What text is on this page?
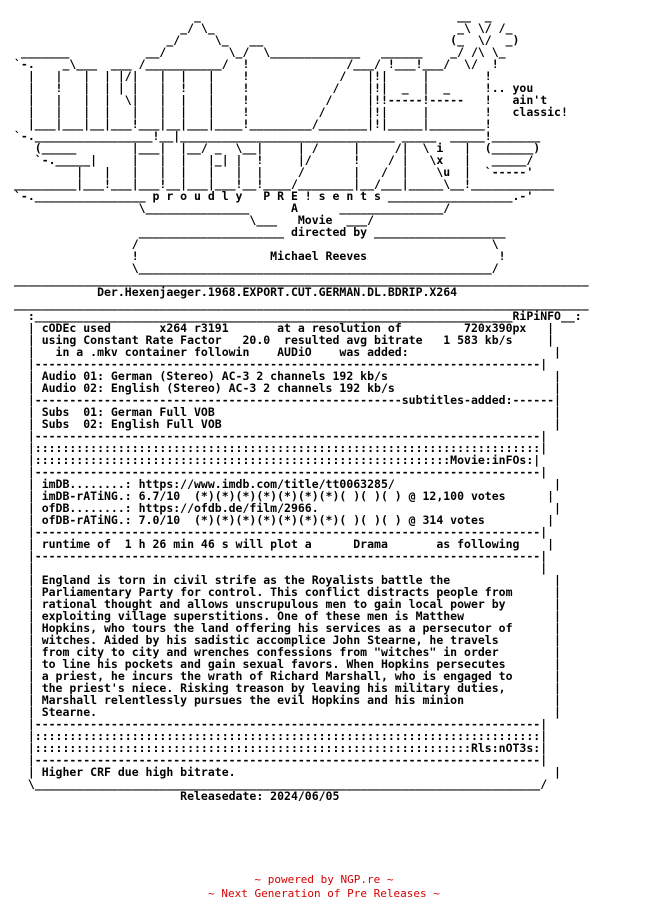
_                                     __  _
_/ \_                                   _\ \/ /_
_/     \_   __                           (_  \/  _)
_______           __/         \_/  \_____________   ______    _/ /\ \_
`-.    _\___  ___ /___________/  !              /___/ !___!___/  \/  !
|   |   |  | |/|   |  |   |    !             /   |!|     |        !
|   !   |  | | |   |  !   |    !            /    |!|  _  |  _     !.. you
|   |   |  |  \|   |  |   |    !           /     |!!-----!-----   !   ain't
|   |   |  |   |   |  |   |    !          /      |!|     |        !   classic!
|___|___|__|___!___|__|___|____!_________/_______|!|_____|________!
`-._________________!__|_______________________________ _____  _____!_______
(_____        |___|  |__/ _  \__|     | /     |     /|  \ i   |  (______)
`-._____|     |   |  |   |_| |  !     |/      !    / |   \x   |   _____/
|   |   |   |  |   |   |  |     /       |   /  |    \u  |  `-----'
_________|___!___|___!__|___|___!__!____/________|__/___|_____\__!____________
`-.________________ p r o u d l y   P R E ! s e n t s __________________.-'
\_______________      A      _______________/
\___   Movie  ___/
_____________________ directed by ___________________
/                                                   \
!                   Michael Reeves                   !
\___________________________________________________/
___________________________________________________________________________________
Der.Hexenjaeger.1968.EXPORT.CUT.GERMAN.DL.BDRIP.X264
___________________________________________________________________________________
:_____________________________________________________________________RiPiNFO__:
| cODEc used       x264 r3191       at a resolution of         720x390px   |
| using Constant Rate Factor   20.0  resulted avg bitrate   1 583 kb/s     |
|   in a .mkv container followin    AUDiO    was added:                     |
|-------------------------------------------------------------------------|
| Audio 01: German (Stereo) AC-3 2 channels 192 kb/s                        |
| Audio 02: English (Stereo) AC-3 2 channels 192 kb/s                       |
|-----------------------------------------------------subtitles-added:------|
| Subs  01: German Full VOB                                                 |
| Subs  02: English Full VOB                                                |
|-------------------------------------------------------------------------|
|:::::::::::::::::::::::::::::::::::::::::::::::::::::::::::::::::::::::::|
|::::::::::::::::::::::::::::::::::::::::::::::::::::::::::::Movie:inFOs:|
|-------------------------------------------------------------------------|
| imDB........: https://www.imdb.com/title/tt0063285/                       |
| imDB-rATiNG.: 6.7/10  (*)(*)(*)(*)(*)(*)(*)( )( )( ) @ 12,100 votes      |
| ofDB........: https://ofdb.de/film/2966.                                  |
| ofDB-rATiNG.: 7.0/10  (*)(*)(*)(*)(*)(*)(*)( )( )( ) @ 314 votes         |
|-------------------------------------------------------------------------|
| runtime of  1 h 26 min 46 s will plot a      Drama       as following    |
|-------------------------------------------------------------------------|
|                                                                         |
| England is torn in civil strife as the Royalists battle the               |
| Parliamentary Party for control. This conflict distracts people from      |
| rational thought and allows unscrupulous men to gain local power by       |
| exploiting village superstitions. One of these men is Matthew             |
| Hopkins, who tours the land offering his services as a persecutor of      |
| witches. Aided by his sadistic accomplice John Stearne, he travels        |
| from city to city and wrenches confessions from "witches" in order        |
| to line his pockets and gain sexual favors. When Hopkins persecutes       |
| a priest, he incurs the wrath of Richard Marshall, who is engaged to      |
| the priest's niece. Risking treason by leaving his military duties,       |
| Marshall relentlessly pursues the evil Hopkins and his minion             |
| Stearne.                                                                  |
|-------------------------------------------------------------------------|
|:::::::::::::::::::::::::::::::::::::::::::::::::::::::::::::::::::::::::|
|:::::::::::::::::::::::::::::::::::::::::::::::::::::::::::::::Rls:nOT3s:|
|-------------------------------------------------------------------------|
| Higher CRF due high bitrate.                                              |
\_________________________________________________________________________/
Releasedate: 2024/06/05

~ powered by NGP.re ~
~ Next Generation of Pre Releases ~
